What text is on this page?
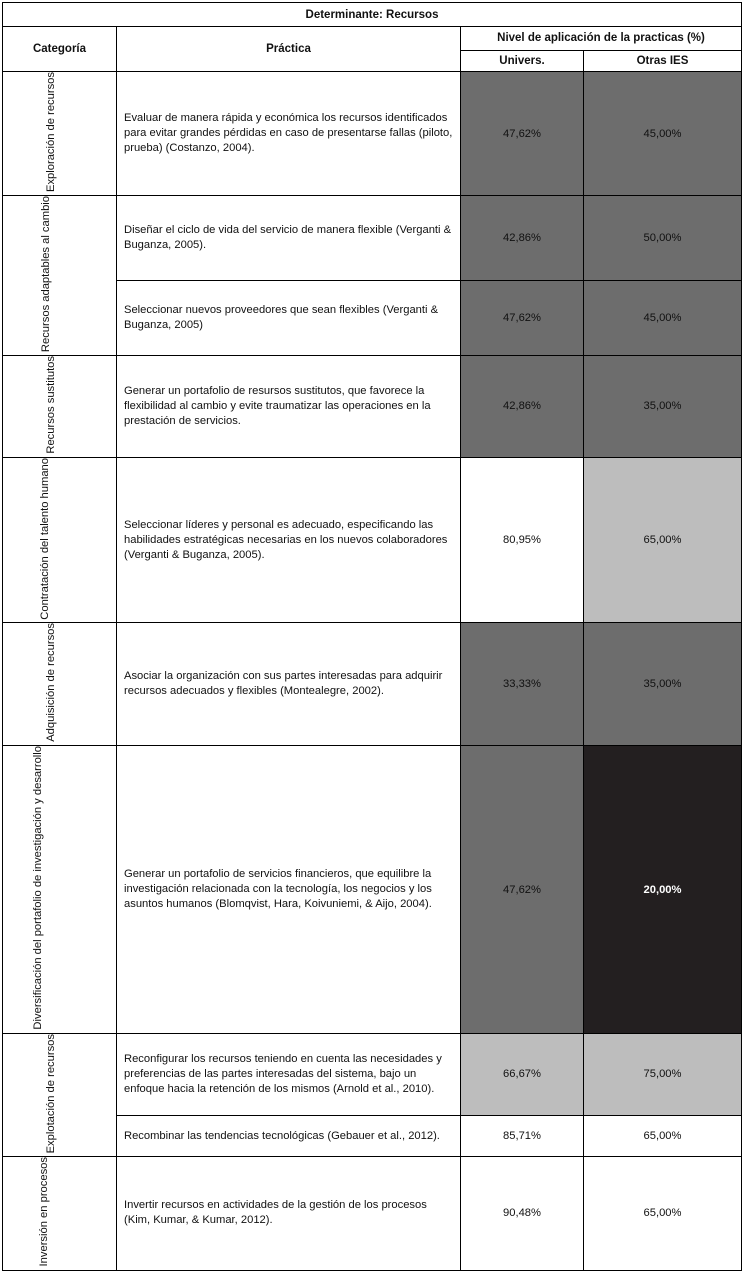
Determinante: Recursos			
Categoría	Práctica	Nivel de aplicación de la practicas (%)	
		Univers.	Otras IES
Exploración de recursos	Evaluar de manera rápida y económica los recursos identificados para evitar grandes pérdidas en caso de presentarse fallas (piloto, prueba) (Costanzo, 2004).	47,62%	45,00%
Recursos adaptables al cambio	Diseñar el ciclo de vida del servicio de manera flexible (Verganti & Buganza, 2005).	42,86%	50,00%
	Seleccionar nuevos proveedores que sean flexibles (Verganti & Buganza, 2005)	47,62%	45,00%
Recursos sustitutos	Generar un portafolio de resursos sustitutos, que favorece la flexibilidad al cambio y evite traumatizar las operaciones en la prestación de servicios.	42,86%	35,00%
Contratación del talento humano	Seleccionar líderes y personal es adecuado, especificando las habilidades estratégicas necesarias en los nuevos colaboradores (Verganti & Buganza, 2005).	80,95%	65,00%
Adquisición de recursos	Asociar la organización con sus partes interesadas para adquirir recursos adecuados y flexibles (Montealegre, 2002).	33,33%	35,00%
Diversificación del portafolio de investigación y desarrollo	Generar un portafolio de servicios financieros, que equilibre la investigación relacionada con la tecnología, los negocios y los asuntos humanos (Blomqvist, Hara, Koivuniemi, & Aijo, 2004).	47,62%	20,00%
Explotación de recursos	Reconfigurar los recursos teniendo en cuenta las necesidades y preferencias de las partes interesadas del sistema, bajo un enfoque hacia la retención de los mismos (Arnold et al., 2010).	66,67%	75,00%
	Recombinar las tendencias tecnológicas (Gebauer et al., 2012).	85,71%	65,00%
Inversión en procesos	Invertir recursos en actividades de la gestión de los procesos (Kim, Kumar, & Kumar, 2012).	90,48%	65,00%
